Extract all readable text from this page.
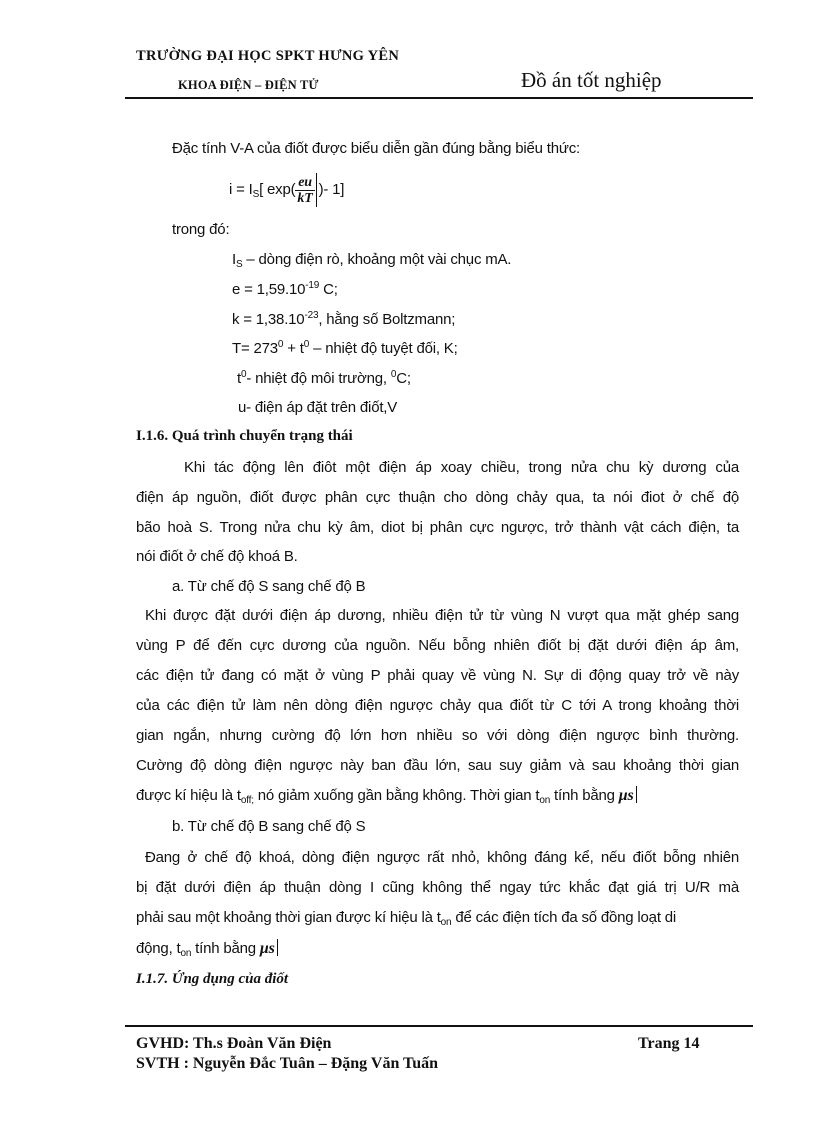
TRƯỜNG ĐẠI HỌC SPKT HƯNG YÊN
KHOA ĐIỆN – ĐIỆN TỬ	Đồ án tốt nghiệp
Đặc tính V-A của điốt được biểu diễn gần đúng bằng biểu thức:
$i = I_S$[ $\exp( \frac{eu}{kT}$ )- 1]
trong đó:
$I_S$ – dòng điện rò, khoảng một vài chục mA.
$e = 1,59.10^{-19}$ C;
$k = 1,38.10^{-23}$, hằng số Boltzmann;
$T= 273^0 + t^0$ – nhiệt độ tuyệt đối, K;
$t^0-$ nhiệt độ môi trường, $^0$C;
u- điện áp đặt trên điốt,V
I.1.6. Quá trình chuyển trạng thái
Khi tác động lên điôt một điện áp xoay chiều, trong nửa chu kỳ dương của
điện áp nguồn, điốt được phân cực thuận cho dòng chảy qua, ta nói điot ở chế độ
bão hoà S. Trong nửa chu kỳ âm, diot bị phân cực ngược, trở thành vật cách điện, ta
nói điốt ở chế độ khoá B.
a. Từ chế độ S sang chế độ B
Khi được đặt dưới điện áp dương, nhiều điện tử từ vùng N vượt qua mặt ghép sang
vùng P để đến cực dương của nguồn. Nếu bỗng nhiên điốt bị đặt dưới điện áp âm,
các điện tử đang có mặt ở vùng P phải quay về vùng N. Sự di động quay trở về này
của các điện tử làm nên dòng điện ngược chảy qua điốt từ C tới A trong khoảng thời
gian ngắn, nhưng cường độ lớn hơn nhiều so với dòng điện ngược bình thường.
Cường độ dòng điện ngược này ban đầu lớn, sau suy giảm và sau khoảng thời gian
được kí hiệu là $t_{off;}$ nó giảm xuống gần bằng không. Thời gian $t_{on}$ tính bằng μs
b. Từ chế độ B sang chế độ S
Đang ở chế độ khoá, dòng điện ngược rất nhỏ, không đáng kể, nếu điốt bỗng nhiên
bị đặt dưới điện áp thuận dòng I cũng không thể ngay tức khắc đạt giá trị U/R mà
phải sau một khoảng thời gian được kí hiệu là $t_{on}$ để các điện tích đa số đồng loạt di
động, $t_{on}$ tính bằng μs
I.1.7. Ứng dụng của điốt
GVHD: Th.s Đoàn Văn Điện	Trang 14
SVTH : Nguyễn Đắc Tuân – Đặng Văn Tuấn
